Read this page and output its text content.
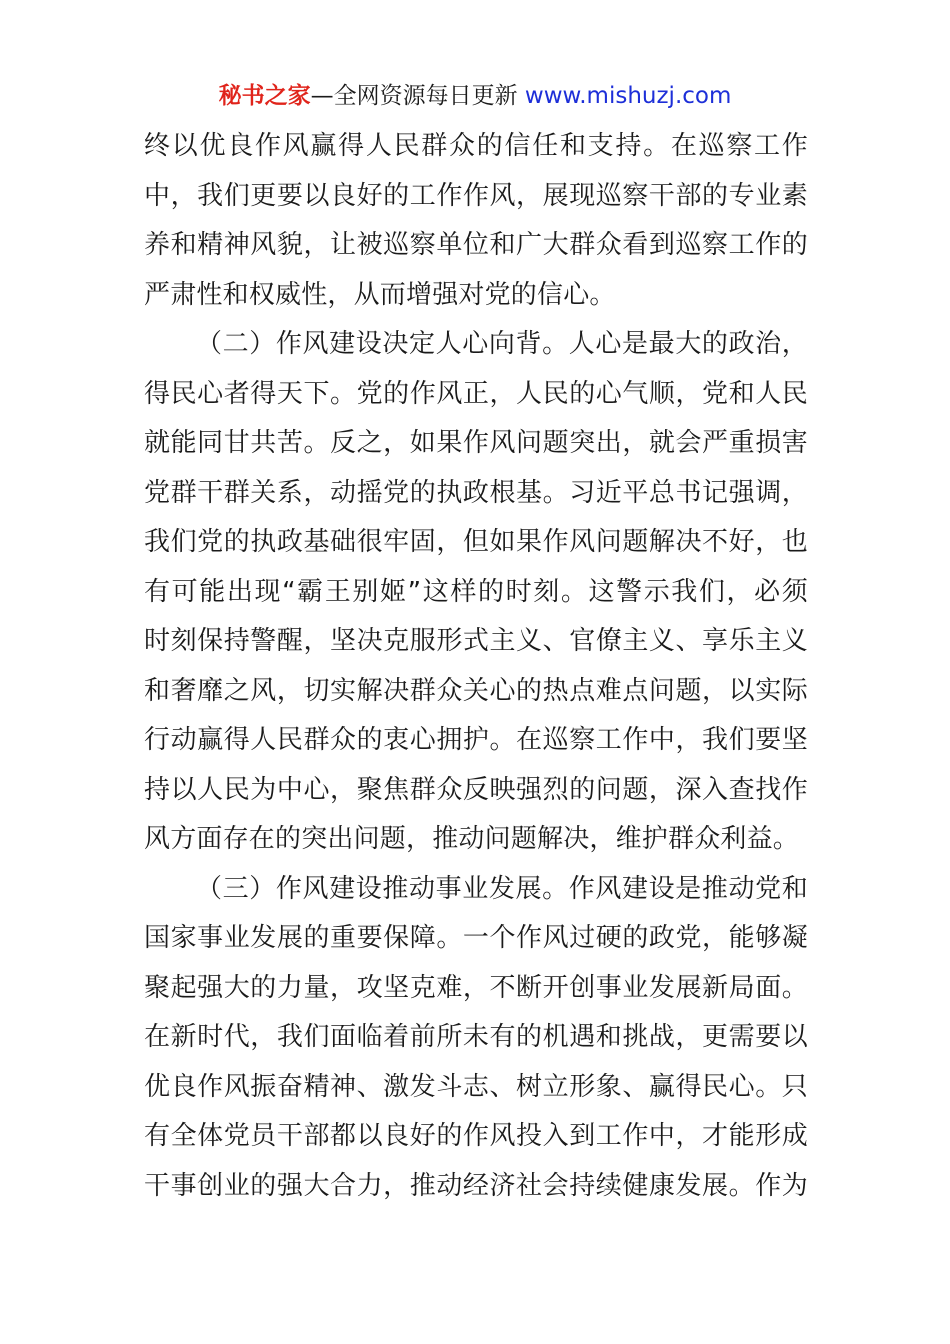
秘书之家—全网资源每日更新 www.mishuzj.com
终以优良作风赢得人民群众的信任和支持。在巡察工作
中，我们更要以良好的工作作风，展现巡察干部的专业素
养和精神风貌，让被巡察单位和广大群众看到巡察工作的
严肃性和权威性，从而增强对党的信心。
（二）作风建设决定人心向背。人心是最大的政治，
得民心者得天下。党的作风正，人民的心气顺，党和人民
就能同甘共苦。反之，如果作风问题突出，就会严重损害
党群干群关系，动摇党的执政根基。习近平总书记强调，
我们党的执政基础很牢固，但如果作风问题解决不好，也
有可能出现“霸王别姬”这样的时刻。这警示我们，必须
时刻保持警醒，坚决克服形式主义、官僚主义、享乐主义
和奢靡之风，切实解决群众关心的热点难点问题，以实际
行动赢得人民群众的衷心拥护。在巡察工作中，我们要坚
持以人民为中心，聚焦群众反映强烈的问题，深入查找作
风方面存在的突出问题，推动问题解决，维护群众利益。
（三）作风建设推动事业发展。作风建设是推动党和
国家事业发展的重要保障。一个作风过硬的政党，能够凝
聚起强大的力量，攻坚克难，不断开创事业发展新局面。
在新时代，我们面临着前所未有的机遇和挑战，更需要以
优良作风振奋精神、激发斗志、树立形象、赢得民心。只
有全体党员干部都以良好的作风投入到工作中，才能形成
干事创业的强大合力，推动经济社会持续健康发展。作为
